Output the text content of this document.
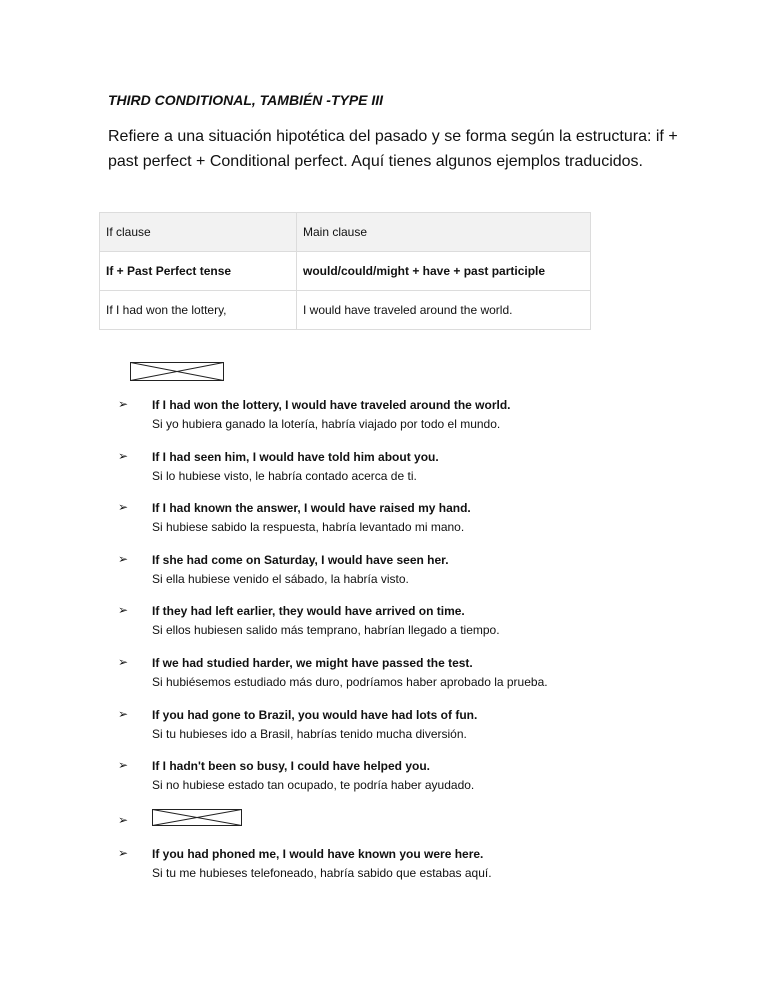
THIRD CONDITIONAL, TAMBIÉN -TYPE III

Refiere a una situación hipotética del pasado y se forma según la estructura: if + past perfect + Conditional perfect. Aquí tienes algunos ejemplos traducidos.

If clause	Main clause
If + Past Perfect tense	would/could/might + have + past participle
If I had won the lottery,	I would have traveled around the world.
➢	If I had won the lottery, I would have traveled around the world.
Si yo hubiera ganado la lotería, habría viajado por todo el mundo.
➢	If I had seen him, I would have told him about you.
Si lo hubiese visto, le habría contado acerca de ti.
➢	If I had known the answer, I would have raised my hand.
Si hubiese sabido la respuesta, habría levantado mi mano.
➢	If she had come on Saturday, I would have seen her.
Si ella hubiese venido el sábado, la habría visto.
➢	If they had left earlier, they would have arrived on time.
Si ellos hubiesen salido más temprano, habrían llegado a tiempo.
➢	If we had studied harder, we might have passed the test.
Si hubiésemos estudiado más duro, podríamos haber aprobado la prueba.
➢	If you had gone to Brazil, you would have had lots of fun.
Si tu hubieses ido a Brasil, habrías tenido mucha diversión.
➢	If I hadn't been so busy, I could have helped you.
Si no hubiese estado tan ocupado, te podría haber ayudado.
➢
➢	If you had phoned me, I would have known you were here.
Si tu me hubieses telefoneado, habría sabido que estabas aquí.
